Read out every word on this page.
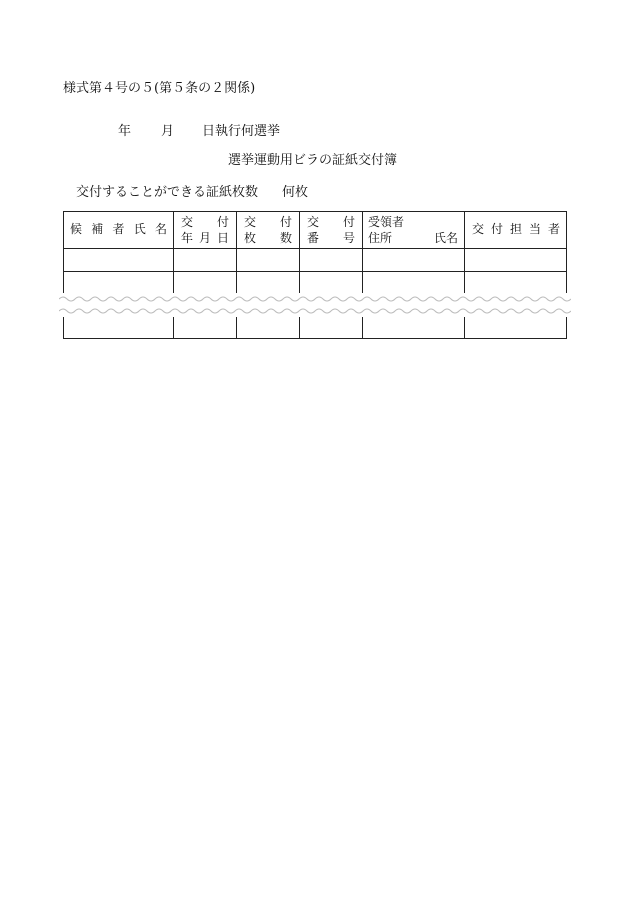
様式第４号の５(第５条の２関係)
年 月 日執行何選挙
選挙運動用ビラの証紙交付簿
交付することができる証紙枚数 何枚
候 補 者 氏 名 交 付
年 月 日
交 付
枚 数
交 付
番 号
受領者
住所	氏名
交 付 担 当 者
